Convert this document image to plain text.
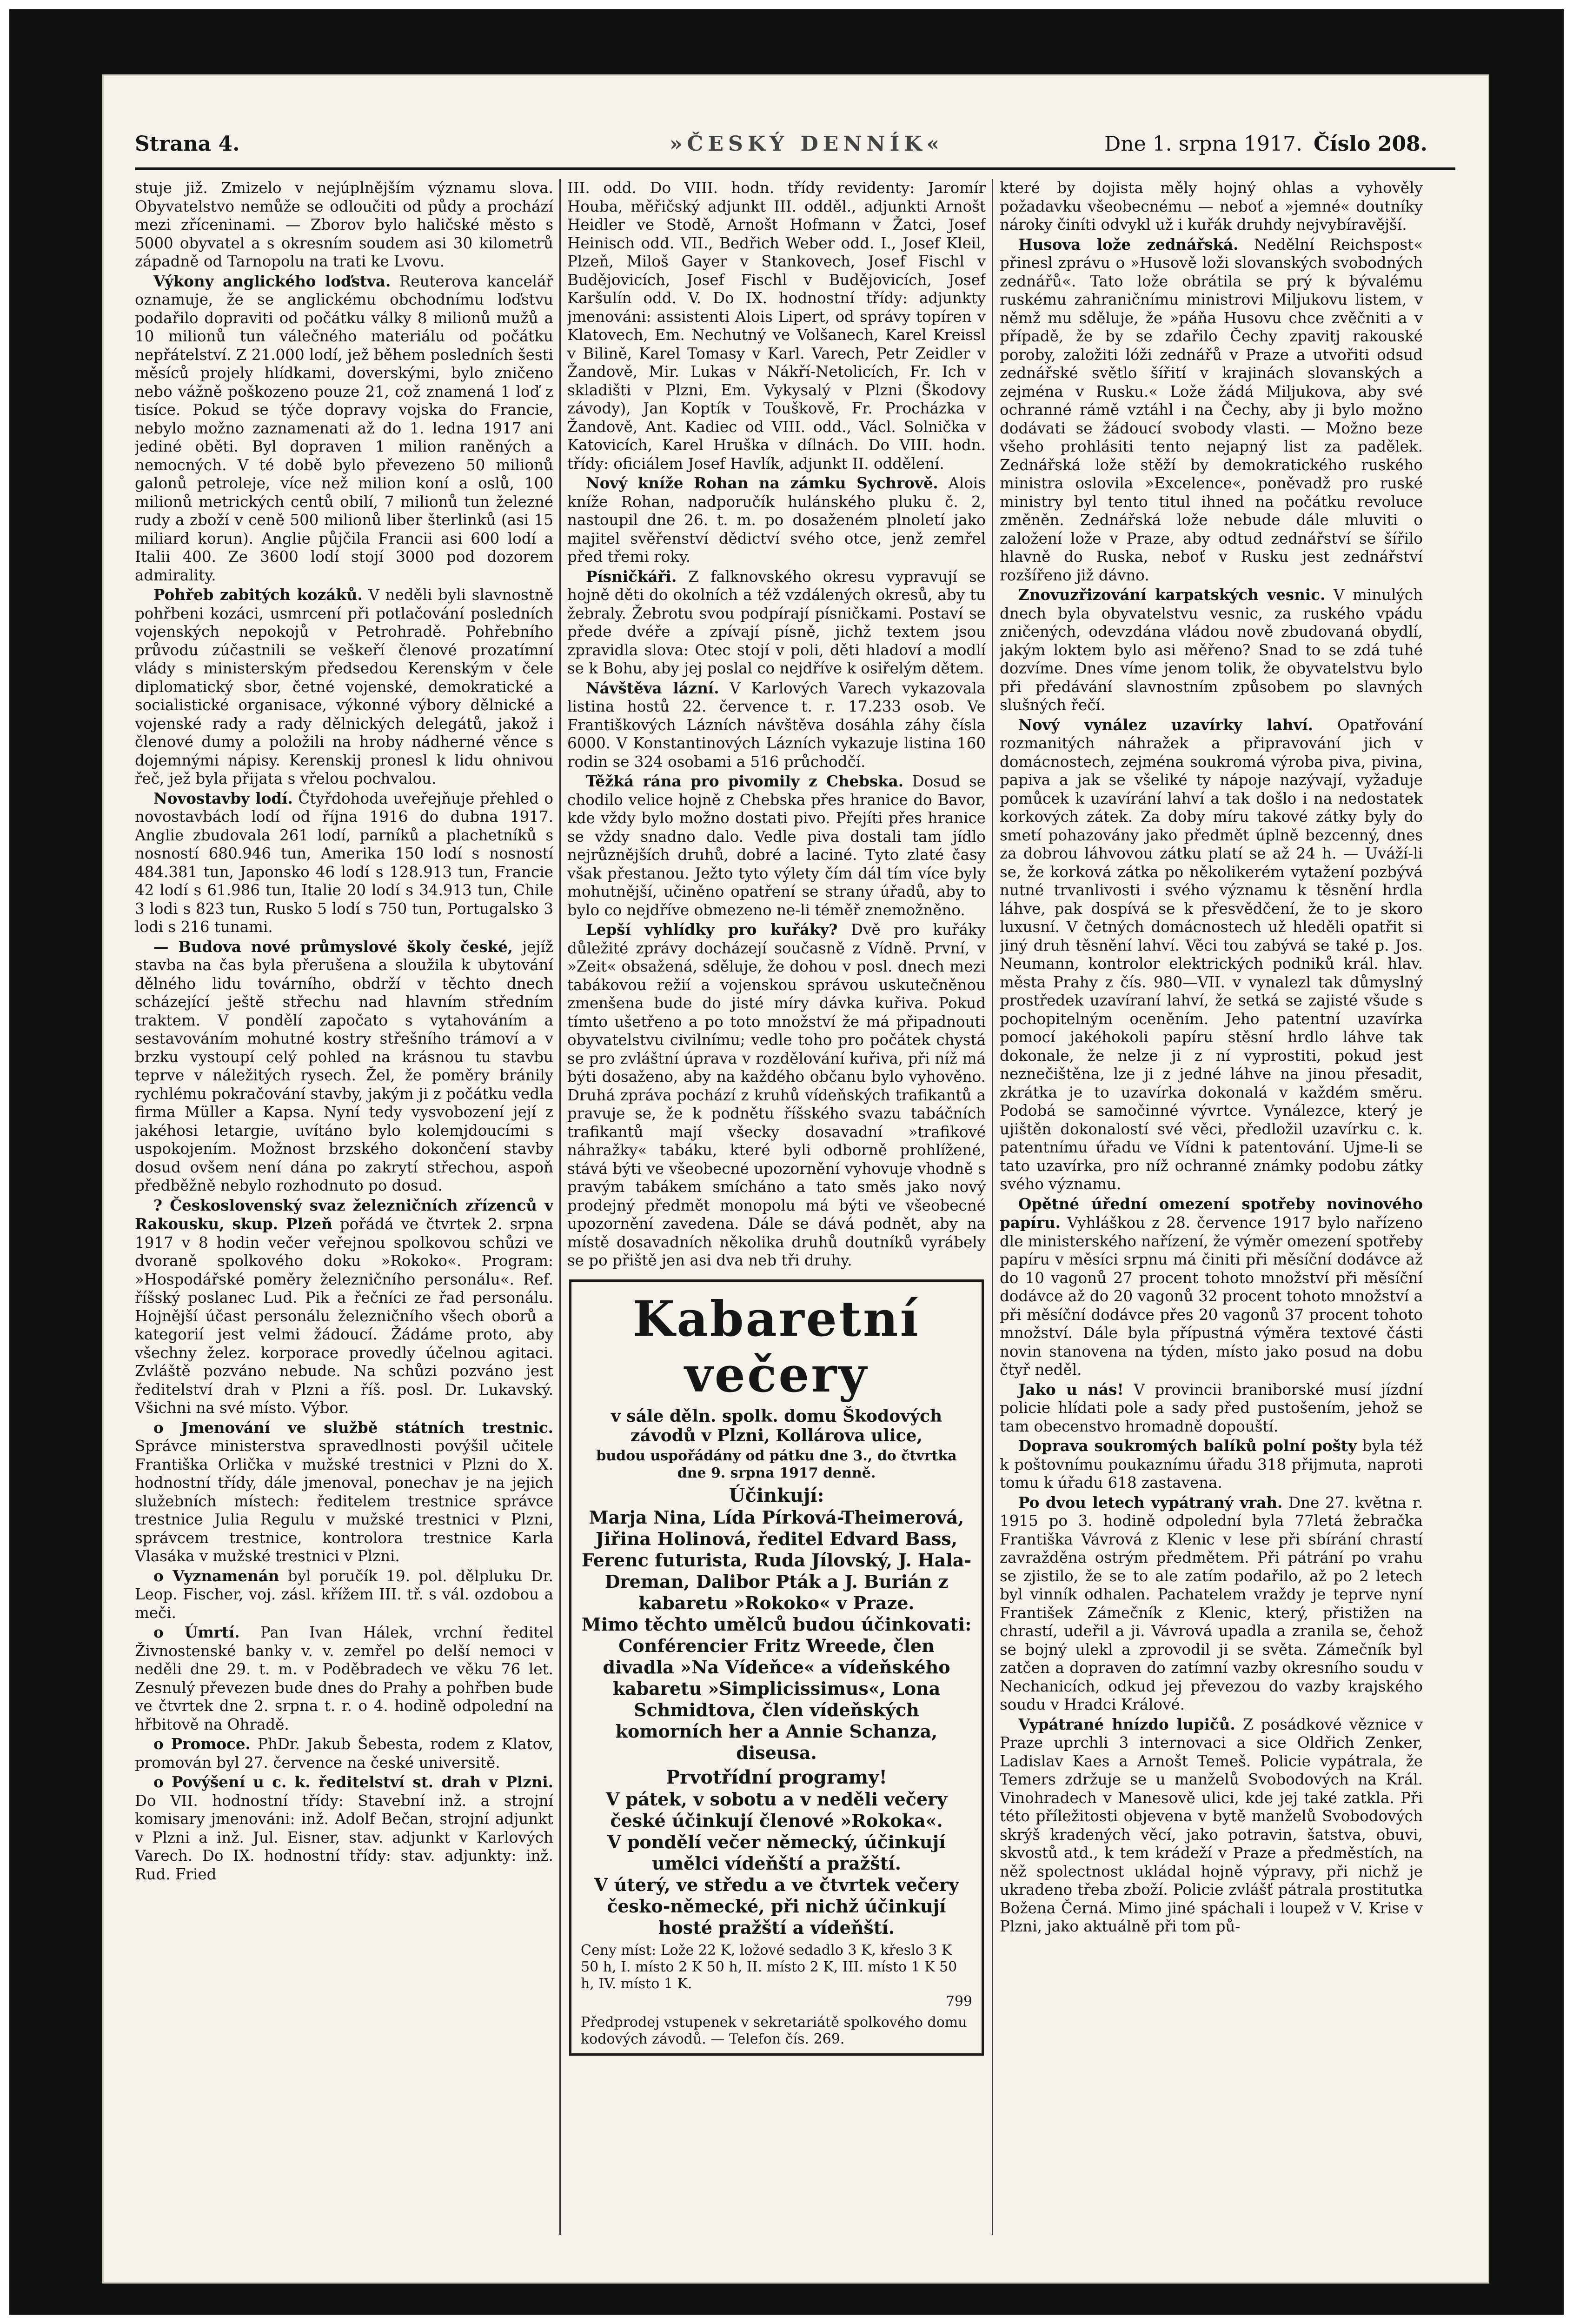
Strana 4.	»ČESKÝ DENNÍK«	Dne 1. srpna 1917. Číslo 208.

stuje již. Zmizelo v nejúplnějším významu slova. Obyvatelstvo nemůže se odloučiti od půdy a prochází mezi zříceninami. — Zborov bylo haličské město s 5000 obyvatel a s okresním soudem asi 30 kilometrů západně od Tarnopolu na trati ke Lvovu.

Výkony anglického loďstva. Reuterova kancelář oznamuje, že se anglickému obchodnímu loďstvu podařilo dopraviti od počátku války 8 milionů mužů a 10 milionů tun válečného materiálu od počátku nepřátelství. Z 21.000 lodí, jež během posledních šesti měsíců projely hlídkami, doverskými, bylo zničeno nebo vážně poškozeno pouze 21, což znamená 1 loď z tisíce. Pokud se týče dopravy vojska do Francie, nebylo možno zaznamenati až do 1. ledna 1917 ani jediné oběti. Byl dopraven 1 milion raněných a nemocných. V té době bylo převezeno 50 milionů galonů petroleje, více než milion koní a oslů, 100 milionů metrických centů obilí, 7 milionů tun železné rudy a zboží v ceně 500 milionů liber šterlinků (asi 15 miliard korun). Anglie půjčila Francii asi 600 lodí a Italii 400. Ze 3600 lodí stojí 3000 pod dozorem admirality.

Pohřeb zabitých kozáků. V neděli byli slavnostně pohřbeni kozáci, usmrcení při potlačování posledních vojenských nepokojů v Petrohradě. Pohřebního průvodu zúčastnili se veškeří členové prozatímní vlády s ministerským předsedou Kerenským v čele diplomatický sbor, četné vojenské, demokratické a socialistické organisace, výkonné výbory dělnické a vojenské rady a rady dělnických delegátů, jakož i členové dumy a položili na hroby nádherné věnce s dojemnými nápisy. Kerenskij pronesl k lidu ohnivou řeč, jež byla přijata s vřelou pochvalou.

Novostavby lodí. Čtyřdohoda uveřejňuje přehled o novostavbách lodí od října 1916 do dubna 1917. Anglie zbudovala 261 lodí, parníků a plachetníků s nosností 680.946 tun, Amerika 150 lodí s nosností 484.381 tun, Japonsko 46 lodí s 128.913 tun, Francie 42 lodí s 61.986 tun, Italie 20 lodí s 34.913 tun, Chile 3 lodi s 823 tun, Rusko 5 lodí s 750 tun, Portugalsko 3 lodi s 216 tunami.

— Budova nové průmyslové školy české, jejíž stavba na čas byla přerušena a sloužila k ubytování dělného lidu továrního, obdrží v těchto dnech scházející ještě střechu nad hlavním středním traktem. V pondělí započato s vytahováním a sestavováním mohutné kostry střešního trámoví a v brzku vystoupí celý pohled na krásnou tu stavbu teprve v náležitých rysech. Žel, že poměry bránily rychlému pokračování stavby, jakým ji z počátku vedla firma Müller a Kapsa. Nyní tedy vysvobození její z jakéhosi letargie, uvítáno bylo kolemjdoucími s uspokojením. Možnost brzského dokončení stavby dosud ovšem není dána po zakrytí střechou, aspoň předběžně nebylo rozhodnuto po dosud.

? Československý svaz železničních zřízenců v Rakousku, skup. Plzeň pořádá ve čtvrtek 2. srpna 1917 v 8 hodin večer veřejnou spolkovou schůzi ve dvoraně spolkového doku »Rokoko«. Program: »Hospodářské poměry železničního personálu«. Ref. říšský poslanec Lud. Pik a řečníci ze řad personálu. Hojnější účast personálu železničního všech oborů a kategorií jest velmi žádoucí. Žádáme proto, aby všechny želez. korporace provedly účelnou agitaci. Zvláště pozváno nebude. Na schůzi pozváno jest ředitelství drah v Plzni a říš. posl. Dr. Lukavský. Všichni na své místo. Výbor.

o Jmenování ve službě státních trestnic. Správce ministerstva spravedlnosti povýšil učitele Františka Orlička v mužské trestnici v Plzni do X. hodnostní třídy, dále jmenoval, ponechav je na jejich služebních místech: ředitelem trestnice správce trestnice Julia Regulu v mužské trestnici v Plzni, správcem trestnice, kontrolora trestnice Karla Vlasáka v mužské trestnici v Plzni.

o Vyznamenán byl poručík 19. pol. dělpluku Dr. Leop. Fischer, voj. zásl. křížem III. tř. s vál. ozdobou a meči.

o Úmrtí. Pan Ivan Hálek, vrchní ředitel Živnostenské banky v. v. zemřel po delší nemoci v neděli dne 29. t. m. v Poděbradech ve věku 76 let. Zesnulý převezen bude dnes do Prahy a pohřben bude ve čtvrtek dne 2. srpna t. r. o 4. hodině odpolední na hřbitově na Ohradě.

o Promoce. PhDr. Jakub Šebesta, rodem z Klatov, promován byl 27. července na české universitě.

o Povýšení u c. k. ředitelství st. drah v Plzni. Do VII. hodnostní třídy: Stavební inž. a strojní komisary jmenováni: inž. Adolf Bečan, strojní adjunkt v Plzni a inž. Jul. Eisner, stav. adjunkt v Karlových Varech. Do IX. hodnostní třídy: stav. adjunkty: inž. Rud. Fried

III. odd. Do VIII. hodn. třídy revidenty: Jaromír Houba, měřičský adjunkt III. odděl., adjunkti Arnošt Heidler ve Stodě, Arnošt Hofmann v Žatci, Josef Heinisch odd. VII., Bedřich Weber odd. I., Josef Kleil, Plzeň, Miloš Gayer v Stankovech, Josef Fischl v Budějovicích, Josef Fischl v Budějovicích, Josef Karšulín odd. V. Do IX. hodnostní třídy: adjunkty jmenováni: assistenti Alois Lipert, od správy topíren v Klatovech, Em. Nechutný ve Volšanech, Karel Kreissl v Bilině, Karel Tomasy v Karl. Varech, Petr Zeidler v Žandově, Mir. Lukas v Nákří-Netolicích, Fr. Ich v skladišti v Plzni, Em. Vykysalý v Plzni (Škodovy závody), Jan Koptík v Touškově, Fr. Procházka v Žandově, Ant. Kadiec od VIII. odd., Václ. Solnička v Katovicích, Karel Hruška v dílnách. Do VIII. hodn. třídy: oficiálem Josef Havlík, adjunkt II. oddělení.

Nový kníže Rohan na zámku Sychrově. Alois kníže Rohan, nadporučík hulánského pluku č. 2, nastoupil dne 26. t. m. po dosaženém plnoletí jako majitel svěřenství dědictví svého otce, jenž zemřel před třemi roky.

Písničkáři. Z falknovského okresu vypravují se hojně děti do okolních a též vzdálených okresů, aby tu žebraly. Žebrotu svou podpírají písničkami. Postaví se přede dvéře a zpívají písně, jichž textem jsou zpravidla slova: Otec stojí v poli, děti hladoví a modlí se k Bohu, aby jej poslal co nejdříve k osiřelým dětem.

Návštěva lázní. V Karlových Varech vykazovala listina hostů 22. července t. r. 17.233 osob. Ve Františkových Lázních návštěva dosáhla záhy čísla 6000. V Konstantinových Lázních vykazuje listina 160 rodin se 324 osobami a 516 průchodčí.

Těžká rána pro pivomily z Chebska. Dosud se chodilo velice hojně z Chebska přes hranice do Bavor, kde vždy bylo možno dostati pivo. Přejíti přes hranice se vždy snadno dalo. Vedle piva dostali tam jídlo nejrůznějších druhů, dobré a laciné. Tyto zlaté časy však přestanou. Ježto tyto výlety čím dál tím více byly mohutnější, učiněno opatření se strany úřadů, aby to bylo co nejdříve obmezeno ne-li téměř znemožněno.

Lepší vyhlídky pro kuřáky? Dvě pro kuřáky důležité zprávy docházejí současně z Vídně. První, v »Zeit« obsažená, sděluje, že dohou v posl. dnech mezi tabákovou režií a vojenskou správou uskutečněnou zmenšena bude do jisté míry dávka kuřiva. Pokud tímto ušetřeno a po toto množství že má připadnouti obyvatelstvu civilnímu; vedle toho pro počátek chystá se pro zvláštní úprava v rozdělování kuřiva, při níž má býti dosaženo, aby na každého občanu bylo vyhověno. Druhá zpráva pochází z kruhů vídeňských trafikantů a pravuje se, že k podnětu říšského svazu tabáčních trafikantů mají všecky dosavadní »trafikové náhražky« tabáku, které byli odborně prohlížené, stává býti ve všeobecné upozornění vyhovuje vhodně s pravým tabákem smícháno a tato směs jako nový prodejný předmět monopolu má býti ve všeobecné upozornění zavedena. Dále se dává podnět, aby na místě dosavadních několika druhů doutníků vyrábely se po přiště jen asi dva neb tři druhy.

Kabaretní večery
v sále děln. spolk. domu Škodových závodů v Plzni, Kollárova ulice,
budou uspořádány od pátku dne 3., do čtvrtka dne 9. srpna 1917 denně.
Účinkují:
Marja Nina, Lída Pírková-Theimerová, Jiřina Holinová, ředitel Edvard Bass, Ferenc futurista, Ruda Jílovský, J. Hala-Dreman, Dalibor Pták a J. Burián z kabaretu »Rokoko« v Praze.
Mimo těchto umělců budou účinkovati: Conférencier Fritz Wreede, člen divadla »Na Vídeňce« a vídeňského kabaretu »Simplicissimus«, Lona Schmidtova, člen vídeňských komorních her a Annie Schanza, diseusa.
Prvotřídní programy!
V pátek, v sobotu a v neděli večery české účinkují členové »Rokoka«.
V pondělí večer německý, účinkují umělci vídeňští a pražští.
V úterý, ve středu a ve čtvrtek večery česko-německé, při nichž účinkují hosté pražští a vídeňští.
Ceny míst: Lože 22 K, ložové sedadlo 3 K, křeslo 3 K 50 h, I. místo 2 K 50 h, II. místo 2 K, III. místo 1 K 50 h, IV. místo 1 K.
799
Předprodej vstupenek v sekretariátě spolkového domu kodových závodů. — Telefon čís. 269.

které by dojista měly hojný ohlas a vyhověly požadavku všeobecnému — neboť a »jemné« doutníky nároky činíti odvykl už i kuřák druhdy nejvybíravější.

Husova lože zednářská. Nedělní Reichspost« přinesl zprávu o »Husově loži slovanských svobodných zednářů«. Tato lože obrátila se prý k bývalému ruskému zahraničnímu ministrovi Miljukovu listem, v němž mu sděluje, že »páňa Husovu chce zvěčniti a v případě, že by se zdařilo Čechy zpavitj rakouské poroby, založiti lóži zednářů v Praze a utvořiti odsud zednářské světlo šířití v krajinách slovanských a zejména v Rusku.« Lože žádá Miljukova, aby své ochranné rámě vztáhl i na Čechy, aby ji bylo možno dodávati se žádoucí svobody vlasti. — Možno beze všeho prohlásiti tento nejapný list za padělek. Zednářská lože stěží by demokratického ruského ministra oslovila »Excelence«, poněvadž pro ruské ministry byl tento titul ihned na počátku revoluce změněn. Zednářská lože nebude dále mluviti o založení lože v Praze, aby odtud zednářství se šířilo hlavně do Ruska, neboť v Rusku jest zednářství rozšířeno již dávno.

Znovuzřizování karpatských vesnic. V minulých dnech byla obyvatelstvu vesnic, za ruského vpádu zničených, odevzdána vládou nově zbudovaná obydlí, jakým loktem bylo asi měřeno? Snad to se zdá tuhé dozvíme. Dnes víme jenom tolik, že obyvatelstvu bylo při předávání slavnostním způsobem po slavných slušných řečí.

Nový vynález uzavírky lahví. Opatřování rozmanitých náhražek a připravování jich v domácnostech, zejména soukromá výroba piva, pivina, papiva a jak se všeliké ty nápoje nazývají, vyžaduje pomůcek k uzavírání lahví a tak došlo i na nedostatek korkových zátek. Za doby míru takové zátky byly do smetí pohazovány jako předmět úplně bezcenný, dnes za dobrou láhvovou zátku platí se až 24 h. — Uváží-li se, že korková zátka po několikerém vytažení pozbývá nutné trvanlivosti i svého významu k těsnění hrdla láhve, pak dospívá se k přesvědčení, že to je skoro luxusní. V četných domácnostech už hleděli opatřit si jiný druh těsnění lahví. Věci tou zabývá se také p. Jos. Neumann, kontrolor elektrických podniků král. hlav. města Prahy z čís. 980—VII. v vynalezl tak důmyslný prostředek uzavíraní lahví, že setká se zajisté všude s pochopitelným oceněním. Jeho patentní uzavírka pomocí jakéhokoli papíru stěsní hrdlo láhve tak dokonale, že nelze ji z ní vyprostiti, pokud jest neznečištěna, lze ji z jedné láhve na jinou přesadit, zkrátka je to uzavírka dokonalá v každém směru. Podobá se samočinné vývrtce. Vynálezce, který je ujištěn dokonalostí své věci, předložil uzavírku c. k. patentnímu úřadu ve Vídni k patentování. Ujme-li se tato uzavírka, pro níž ochranné známky podobu zátky svého významu.

Opětné úřední omezení spotřeby novinového papíru. Vyhláškou z 28. července 1917 bylo nařízeno dle ministerského nařízení, že výměr omezení spotřeby papíru v měsíci srpnu má činiti při měsíční dodávce až do 10 vagonů 27 procent tohoto množství při měsíční dodávce až do 20 vagonů 32 procent tohoto množství a při měsíční dodávce přes 20 vagonů 37 procent tohoto množství. Dále byla přípustná výměra textové části novin stanovena na týden, místo jako posud na dobu čtyř neděl.

Jako u nás! V provincii braniborské musí jízdní policie hlídati pole a sady před pustošením, jehož se tam obecenstvo hromadně dopouští.

Doprava soukromých balíků polní pošty byla též k poštovnímu poukaznímu úřadu 318 přijmuta, naproti tomu k úřadu 618 zastavena.

Po dvou letech vypátraný vrah. Dne 27. května r. 1915 po 3. hodině odpolední byla 77letá žebračka Františka Vávrová z Klenic v lese při sbírání chrastí zavražděna ostrým předmětem. Při pátrání po vrahu se zjistilo, že se to ale zatím podařilo, až po 2 letech byl vinník odhalen. Pachatelem vraždy je teprve nyní František Zámečník z Klenic, který, přistižen na chrastí, udeřil a ji. Vávrová upadla a zranila se, čehož se bojný ulekl a zprovodil ji se světa. Zámečník byl zatčen a dopraven do zatímní vazby okresního soudu v Nechanicích, odkud jej převezou do vazby krajského soudu v Hradci Králové.

Vypátrané hnízdo lupičů. Z posádkové věznice v Praze uprchli 3 internovaci a sice Oldřich Zenker, Ladislav Kaes a Arnošt Temeš. Policie vypátrala, že Temers zdržuje se u manželů Svobodových na Král. Vinohradech v Manesově ulici, kde jej také zatkla. Při této příležitosti objevena v bytě manželů Svobodových skrýš kradených věcí, jako potravin, šatstva, obuvi, skvostů atd., k tem krádeží v Praze a předměstích, na něž spolectnost ukládal hojně výpravy, při nichž je ukradeno třeba zboží. Policie zvlášť pátrala prostitutka Božena Černá. Mimo jiné spáchali i loupež v V. Krise v Plzni, jako aktuálně při tom pů-
